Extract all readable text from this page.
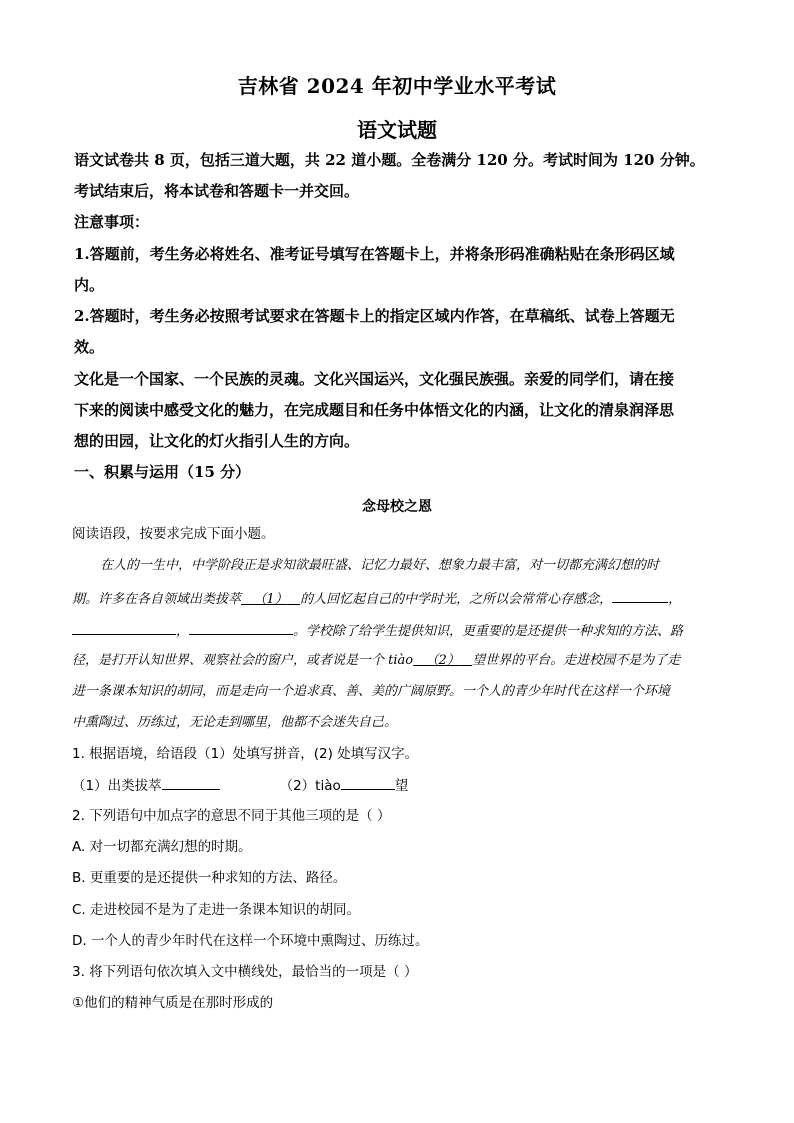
吉林省 2024 年初中学业水平考试
语文试题
语文试卷共 8 页，包括三道大题，共 22 道小题。全卷满分 120 分。考试时间为 120 分钟。
考试结束后，将本试卷和答题卡一并交回。
注意事项：
1.答题前，考生务必将姓名、准考证号填写在答题卡上，并将条形码准确粘贴在条形码区域
内。
2.答题时，考生务必按照考试要求在答题卡上的指定区域内作答，在草稿纸、试卷上答题无
效。
文化是一个国家、一个民族的灵魂。文化兴国运兴，文化强民族强。亲爱的同学们，请在接
下来的阅读中感受文化的魅力，在完成题目和任务中体悟文化的内涵，让文化的清泉润泽思
想的田园，让文化的灯火指引人生的方向。
一、积累与运用（15 分）
念母校之恩
阅读语段，按要求完成下面小题。
在人的一生中，中学阶段正是求知欲最旺盛、记忆力最好、想象力最丰富，对一切都充满幻想的时
期。许多在各自领域出类拔萃 （1） 的人回忆起自己的中学时光，之所以会常常心存感念，	，
，	。学校除了给学生提供知识，更重要的是还提供一种求知的方法、路
径，是打开认知世界、观察社会的窗户，或者说是一个 tiào （2） 望世界的平台。走进校园不是为了走
进一条课本知识的胡同，而是走向一个追求真、善、美的广阔原野。一个人的青少年时代在这样一个环境
中熏陶过、历练过，无论走到哪里，他都不会迷失自己。
1. 根据语境，给语段（1）处填写拼音，(2) 处填写汉字。
（1）出类拔萃	（2）tiào	望
2. 下列语句中加点字的意思不同于其他三项的是（ ）
A. 对一切都充满幻想的时期。
B. 更重要的是还提供一种求知的方法、路径。
C. 走进校园不是为了走进一条课本知识的胡同。
D. 一个人的青少年时代在这样一个环境中熏陶过、历练过。
3. 将下列语句依次填入文中横线处，最恰当的一项是（ ）
①他们的精神气质是在那时形成的
